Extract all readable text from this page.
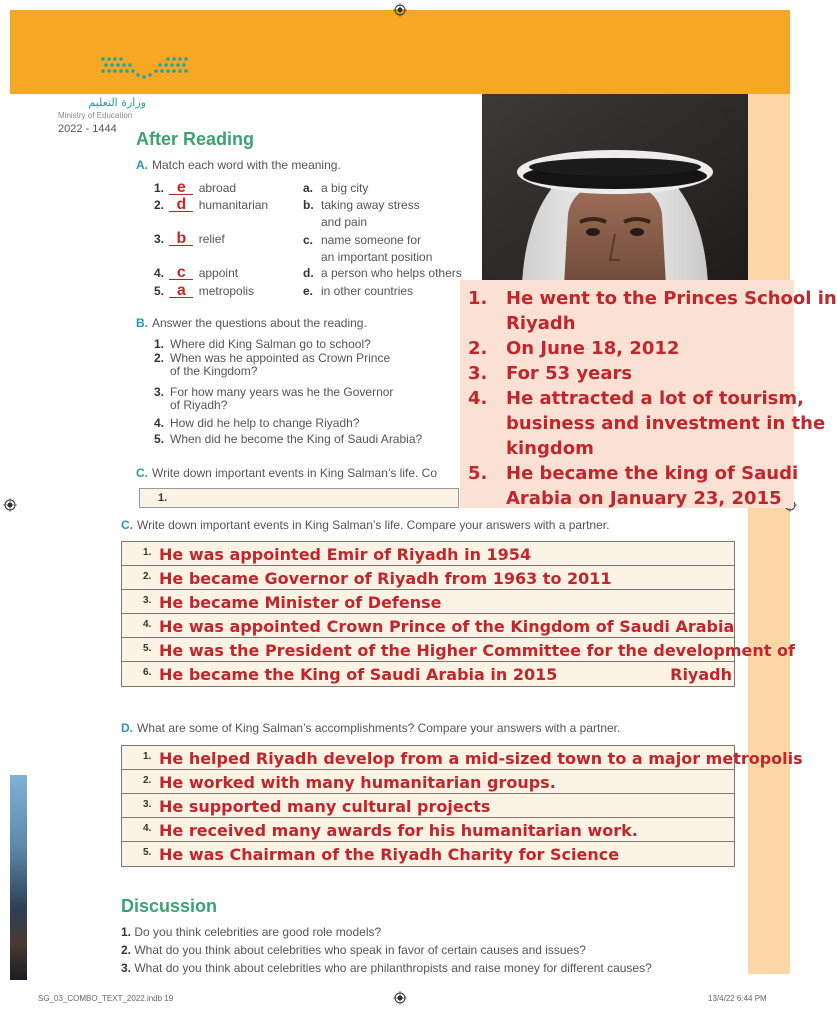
وزارة التعليم
Ministry of Education
2022 - 1444 After Reading
A. Match each word with the meaning.
1. e abroad
2. d humanitarian
3. b relief
4. c appoint
5. a metropolis
a. a big city
b. taking away stress
and pain
c. name someone for
an important position
d. a person who helps others
e. in other countries
B. Answer the questions about the reading.
1. Where did King Salman go to school?
2. When was he appointed as Crown Prince
of the Kingdom?
3. For how many years was he the Governor
of Riyadh?
4. How did he help to change Riyadh?
5. When did he become the King of Saudi Arabia?
C. Write down important events in King Salman’s life. Co
1.
1. He went to the Princes School in
Riyadh
2. On June 18, 2012
3. For 53 years
4. He attracted a lot of tourism,
business and investment in the
kingdom
5. He became the king of Saudi
Arabia on January 23, 2015
C. Write down important events in King Salman’s life. Compare your answers with a partner.
1. He was appointed Emir of Riyadh in 1954
2. He became Governor of Riyadh from 1963 to 2011
3. He became Minister of Defense
4. He was appointed Crown Prince of the Kingdom of Saudi Arabia
5. He was the President of the Higher Committee for the development of
6. He became the King of Saudi Arabia in 2015	Riyadh
D. What are some of King Salman’s accomplishments? Compare your answers with a partner.
1. He helped Riyadh develop from a mid-sized town to a major metropolis
2. He worked with many humanitarian groups.
3. He supported many cultural projects
4. He received many awards for his humanitarian work.
5. He was Chairman of the Riyadh Charity for Science
Discussion
1. Do you think celebrities are good role models?
2. What do you think about celebrities who speak in favor of certain causes and issues?
3. What do you think about celebrities who are philanthropists and raise money for different causes?
SG_03_COMBO_TEXT_2022.indb 19	13/4/22 6:44 PM
